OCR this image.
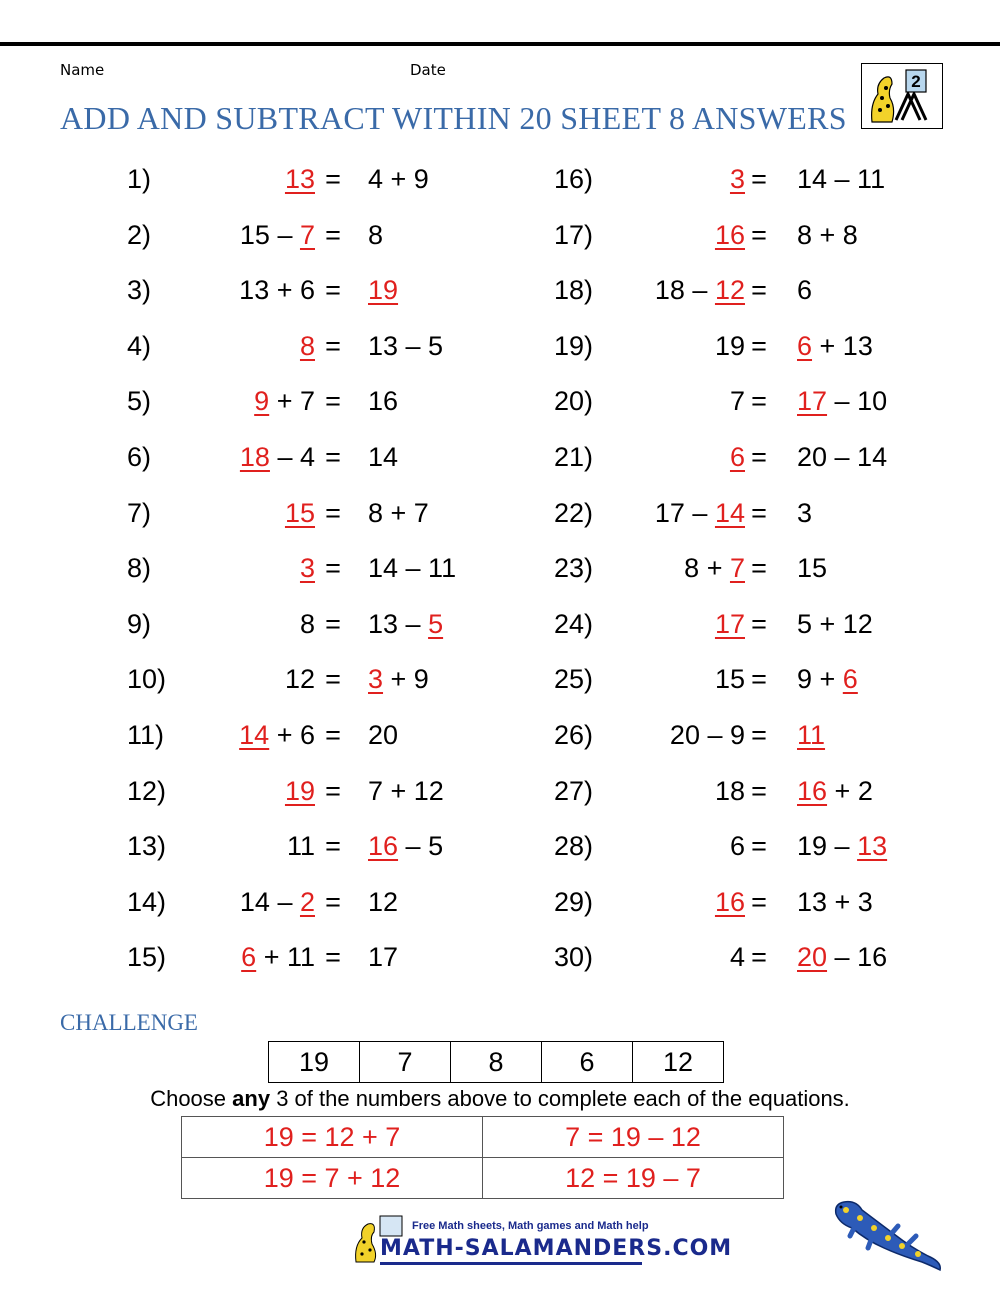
Name	Date
ADD AND SUBTRACT WITHIN 20 SHEET 8 ANSWERS
2
1)	13 = 4 + 9
2)	15 – 7 = 8
3)	13 + 6 = 19
4)	8 = 13 – 5
5)	9 + 7 = 16
6)	18 – 4 = 14
7)	15 = 8 + 7
8)	3 = 14 – 11
9)	8 = 13 – 5
10)	12 = 3 + 9
11)	14 + 6 = 20
12)	19 = 7 + 12
13)	11 = 16 – 5
14)	14 – 2 = 12
15)	6 + 11 = 17
16)	3 = 14 – 11
17)	16 = 8 + 8
18)	18 – 12 = 6
19)	19 = 6 + 13
20)	7 = 17 – 10
21)	6 = 20 – 14
22)	17 – 14 = 3
23)	8 + 7 = 15
24)	17 = 5 + 12
25)	15 = 9 + 6
26)	20 – 9 = 11
27)	18 = 16 + 2
28)	6 = 19 – 13
29)	16 = 13 + 3
30)	4 = 20 – 16
CHALLENGE
19	7	8	6	12
Choose any 3 of the numbers above to complete each of the equations.
19 = 12 + 7	7 = 19 – 12
19 = 7 + 12	12 = 19 – 7
Free Math sheets, Math games and Math help
MATH-SALAMANDERS.COM
